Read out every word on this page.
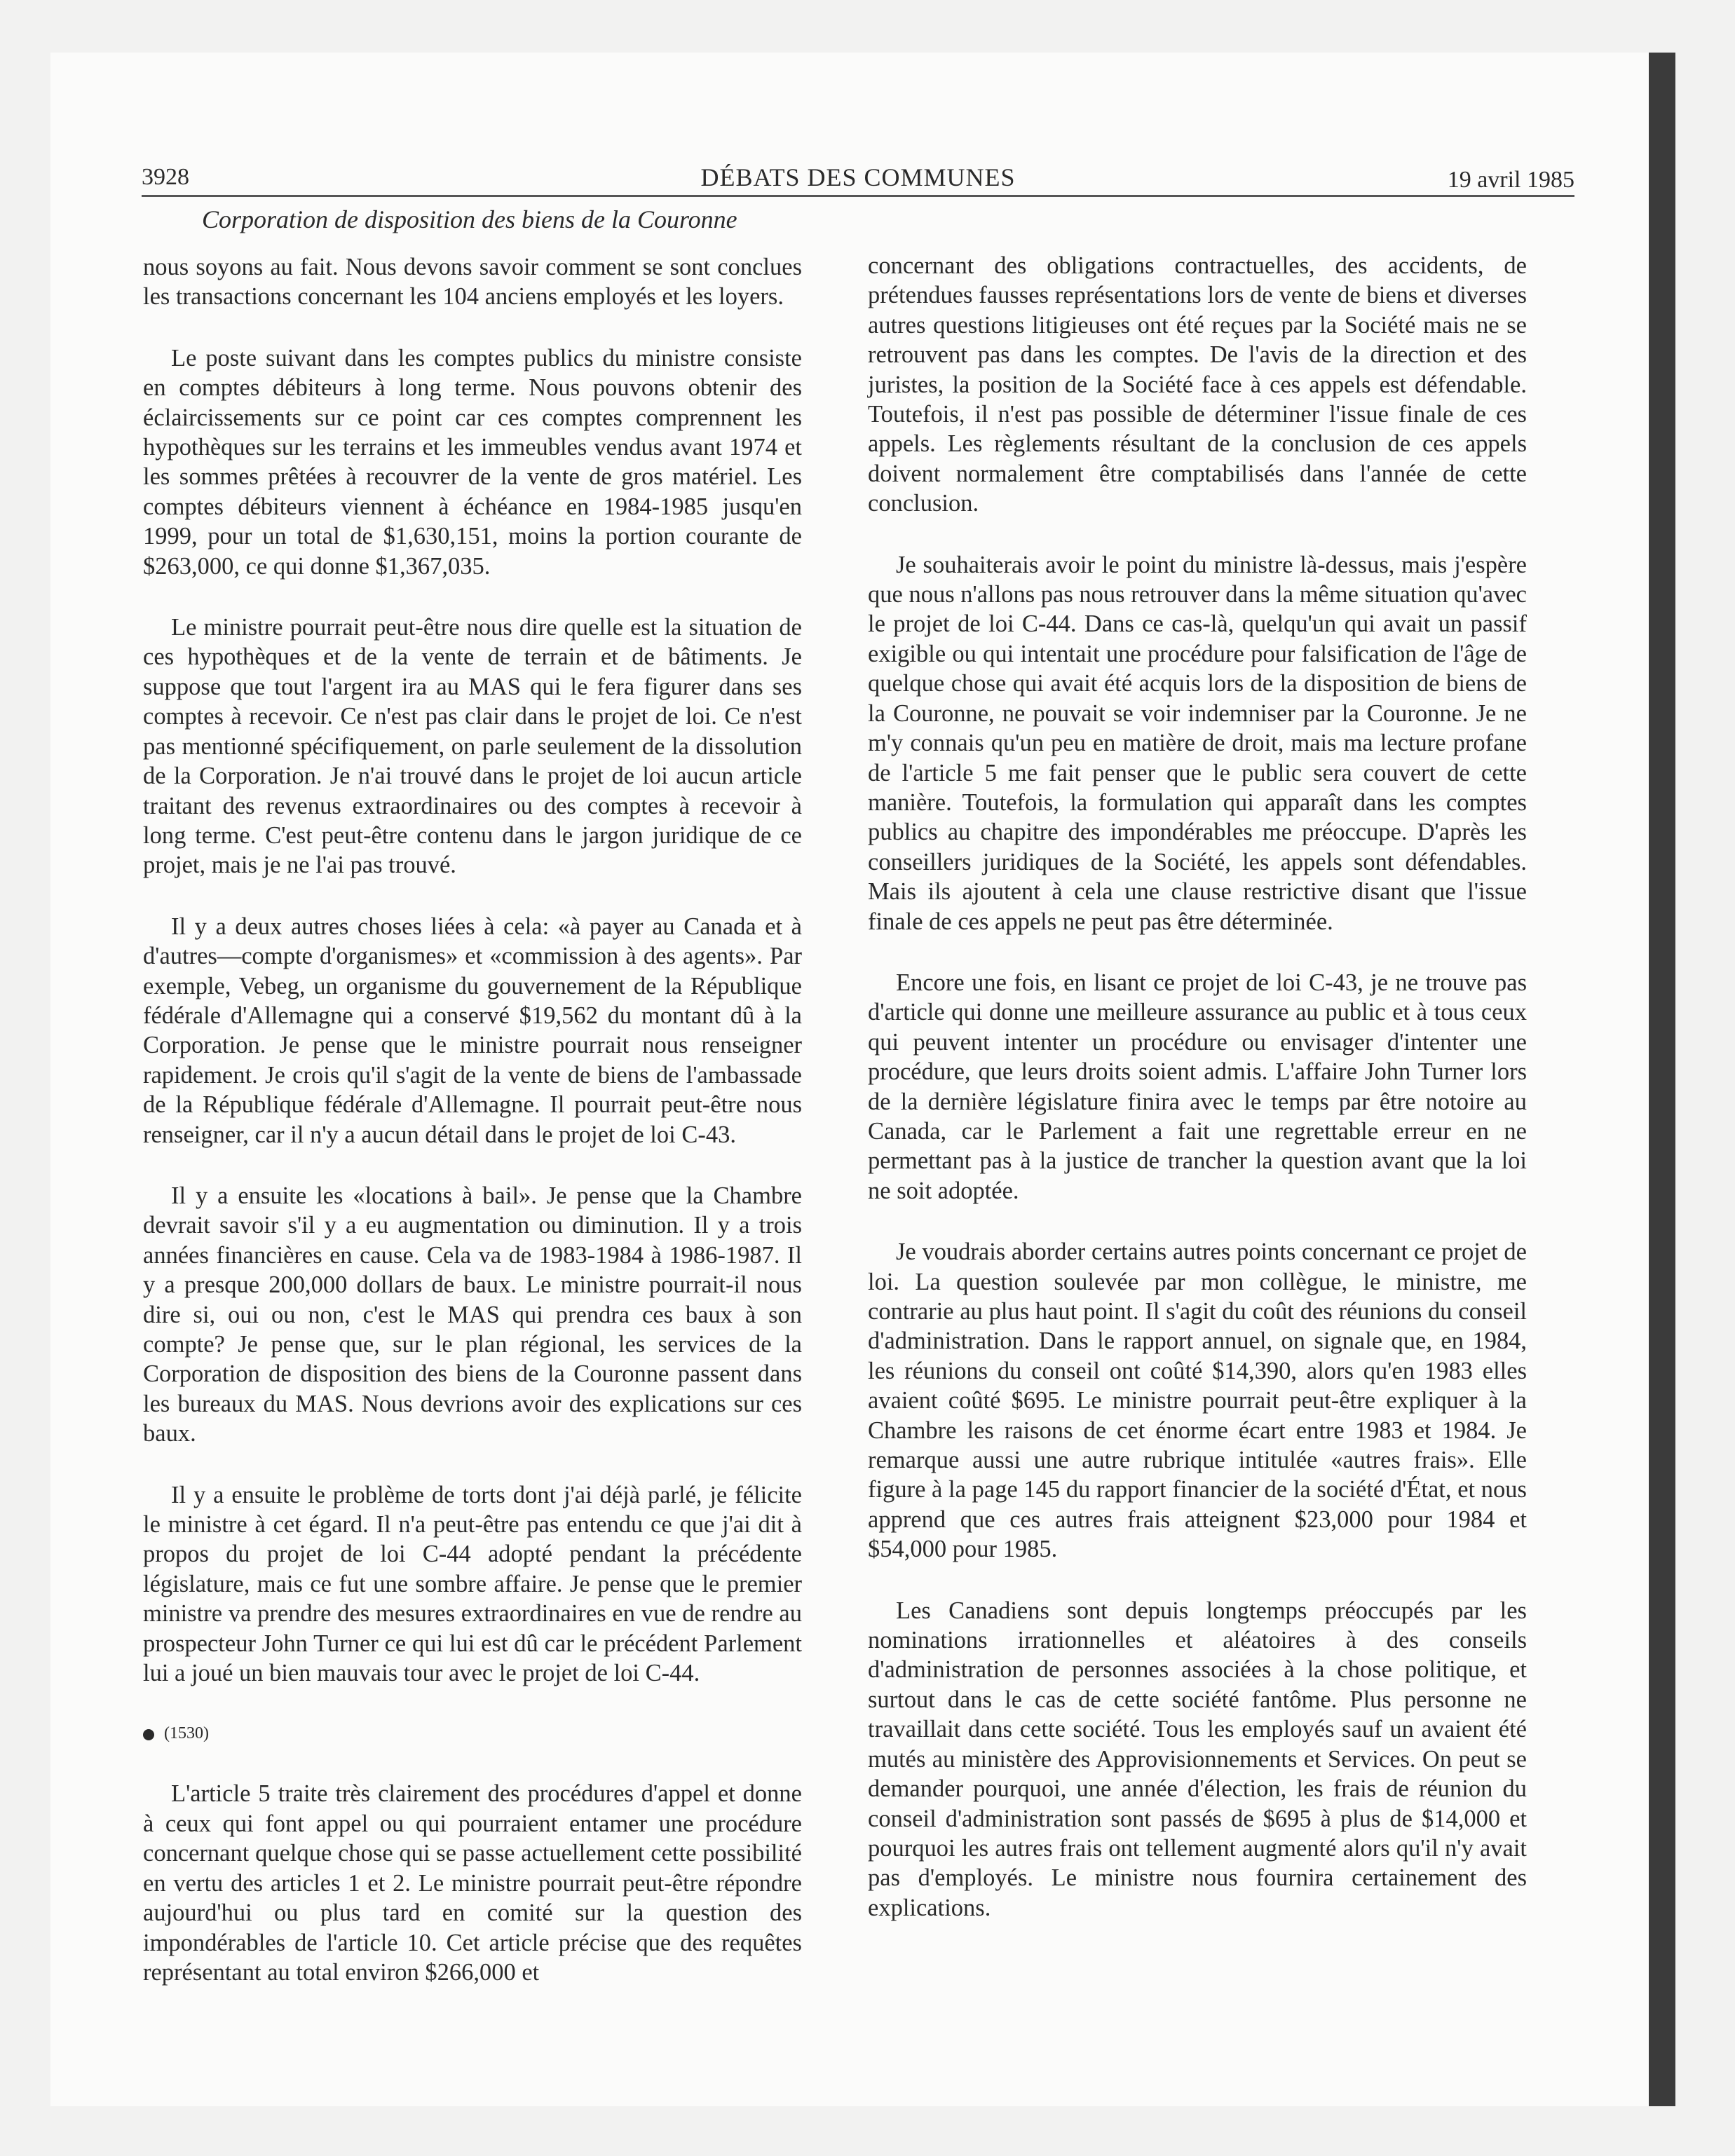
3928	DÉBATS DES COMMUNES	19 avril 1985
Corporation de disposition des biens de la Couronne

nous soyons au fait. Nous devons savoir comment se sont conclues les transactions concernant les 104 anciens employés et les loyers.

Le poste suivant dans les comptes publics du ministre consiste en comptes débiteurs à long terme. Nous pouvons obtenir des éclaircissements sur ce point car ces comptes comprennent les hypothèques sur les terrains et les immeubles vendus avant 1974 et les sommes prêtées à recouvrer de la vente de gros matériel. Les comptes débiteurs viennent à échéance en 1984-1985 jusqu'en 1999, pour un total de $1,630,151, moins la portion courante de $263,000, ce qui donne $1,367,035.

Le ministre pourrait peut-être nous dire quelle est la situation de ces hypothèques et de la vente de terrain et de bâtiments. Je suppose que tout l'argent ira au MAS qui le fera figurer dans ses comptes à recevoir. Ce n'est pas clair dans le projet de loi. Ce n'est pas mentionné spécifiquement, on parle seulement de la dissolution de la Corporation. Je n'ai trouvé dans le projet de loi aucun article traitant des revenus extraordinaires ou des comptes à recevoir à long terme. C'est peut-être contenu dans le jargon juridique de ce projet, mais je ne l'ai pas trouvé.

Il y a deux autres choses liées à cela: «à payer au Canada et à d'autres—compte d'organismes» et «commission à des agents». Par exemple, Vebeg, un organisme du gouvernement de la République fédérale d'Allemagne qui a conservé $19,562 du montant dû à la Corporation. Je pense que le ministre pourrait nous renseigner rapidement. Je crois qu'il s'agit de la vente de biens de l'ambassade de la République fédérale d'Allemagne. Il pourrait peut-être nous renseigner, car il n'y a aucun détail dans le projet de loi C-43.

Il y a ensuite les «locations à bail». Je pense que la Chambre devrait savoir s'il y a eu augmentation ou diminution. Il y a trois années financières en cause. Cela va de 1983-1984 à 1986-1987. Il y a presque 200,000 dollars de baux. Le ministre pourrait-il nous dire si, oui ou non, c'est le MAS qui prendra ces baux à son compte? Je pense que, sur le plan régional, les services de la Corporation de disposition des biens de la Couronne passent dans les bureaux du MAS. Nous devrions avoir des explications sur ces baux.

Il y a ensuite le problème de torts dont j'ai déjà parlé, je félicite le ministre à cet égard. Il n'a peut-être pas entendu ce que j'ai dit à propos du projet de loi C-44 adopté pendant la précédente législature, mais ce fut une sombre affaire. Je pense que le premier ministre va prendre des mesures extraordinaires en vue de rendre au prospecteur John Turner ce qui lui est dû car le précédent Parlement lui a joué un bien mauvais tour avec le projet de loi C-44.

(1530)

L'article 5 traite très clairement des procédures d'appel et donne à ceux qui font appel ou qui pourraient entamer une procédure concernant quelque chose qui se passe actuellement cette possibilité en vertu des articles 1 et 2. Le ministre pourrait peut-être répondre aujourd'hui ou plus tard en comité sur la question des impondérables de l'article 10. Cet article précise que des requêtes représentant au total environ $266,000 et

concernant des obligations contractuelles, des accidents, de prétendues fausses représentations lors de vente de biens et diverses autres questions litigieuses ont été reçues par la Société mais ne se retrouvent pas dans les comptes. De l'avis de la direction et des juristes, la position de la Société face à ces appels est défendable. Toutefois, il n'est pas possible de déterminer l'issue finale de ces appels. Les règlements résultant de la conclusion de ces appels doivent normalement être comptabilisés dans l'année de cette conclusion.

Je souhaiterais avoir le point du ministre là-dessus, mais j'espère que nous n'allons pas nous retrouver dans la même situation qu'avec le projet de loi C-44. Dans ce cas-là, quelqu'un qui avait un passif exigible ou qui intentait une procédure pour falsification de l'âge de quelque chose qui avait été acquis lors de la disposition de biens de la Couronne, ne pouvait se voir indemniser par la Couronne. Je ne m'y connais qu'un peu en matière de droit, mais ma lecture profane de l'article 5 me fait penser que le public sera couvert de cette manière. Toutefois, la formulation qui apparaît dans les comptes publics au chapitre des impondérables me préoccupe. D'après les conseillers juridiques de la Société, les appels sont défendables. Mais ils ajoutent à cela une clause restrictive disant que l'issue finale de ces appels ne peut pas être déterminée.

Encore une fois, en lisant ce projet de loi C-43, je ne trouve pas d'article qui donne une meilleure assurance au public et à tous ceux qui peuvent intenter un procédure ou envisager d'intenter une procédure, que leurs droits soient admis. L'affaire John Turner lors de la dernière législature finira avec le temps par être notoire au Canada, car le Parlement a fait une regrettable erreur en ne permettant pas à la justice de trancher la question avant que la loi ne soit adoptée.

Je voudrais aborder certains autres points concernant ce projet de loi. La question soulevée par mon collègue, le ministre, me contrarie au plus haut point. Il s'agit du coût des réunions du conseil d'administration. Dans le rapport annuel, on signale que, en 1984, les réunions du conseil ont coûté $14,390, alors qu'en 1983 elles avaient coûté $695. Le ministre pourrait peut-être expliquer à la Chambre les raisons de cet énorme écart entre 1983 et 1984. Je remarque aussi une autre rubrique intitulée «autres frais». Elle figure à la page 145 du rapport financier de la société d'État, et nous apprend que ces autres frais atteignent $23,000 pour 1984 et $54,000 pour 1985.

Les Canadiens sont depuis longtemps préoccupés par les nominations irrationnelles et aléatoires à des conseils d'administration de personnes associées à la chose politique, et surtout dans le cas de cette société fantôme. Plus personne ne travaillait dans cette société. Tous les employés sauf un avaient été mutés au ministère des Approvisionnements et Services. On peut se demander pourquoi, une année d'élection, les frais de réunion du conseil d'administration sont passés de $695 à plus de $14,000 et pourquoi les autres frais ont tellement augmenté alors qu'il n'y avait pas d'employés. Le ministre nous fournira certainement des explications.
